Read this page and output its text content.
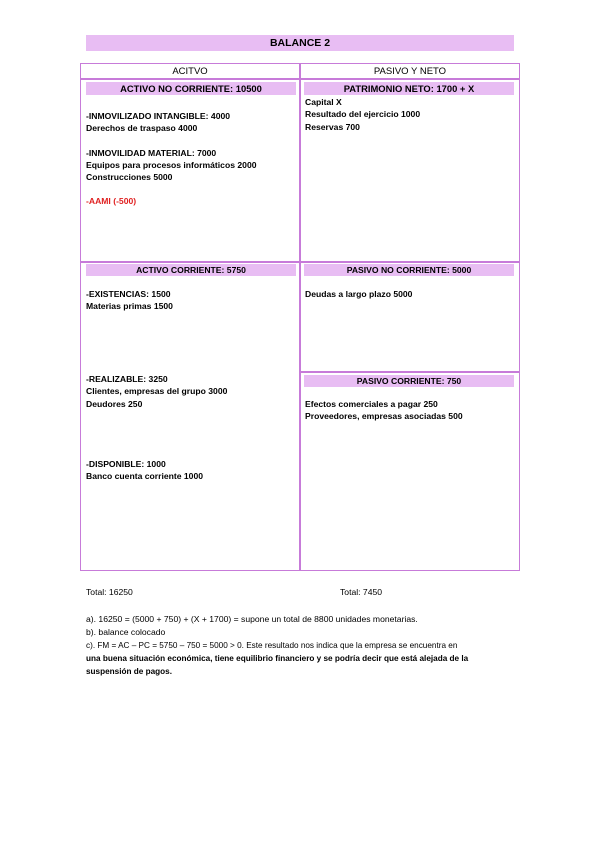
BALANCE 2
ACITVO	PASIVO Y NETO
ACTIVO NO CORRIENTE: 10500
-INMOVILIZADO INTANGIBLE: 4000
Derechos de traspaso 4000
-INMOVILIDAD MATERIAL: 7000
Equipos para procesos informáticos 2000
Construcciones 5000
-AAMI (-500)
PATRIMONIO NETO: 1700 + X
Capital X
Resultado del ejercicio 1000
Reservas 700
ACTIVO CORRIENTE: 5750
-EXISTENCIAS: 1500
Materias primas 1500
-REALIZABLE: 3250
Clientes, empresas del grupo 3000
Deudores 250
-DISPONIBLE: 1000
Banco cuenta corriente 1000
PASIVO NO CORRIENTE: 5000
Deudas a largo plazo 5000
PASIVO CORRIENTE: 750
Efectos comerciales a pagar 250
Proveedores, empresas asociadas 500
Total: 16250	Total: 7450
a). 16250 = (5000 + 750) + (X + 1700) = supone un total de 8800 unidades monetarias.
b). balance colocado
c). FM = AC – PC = 5750 – 750 = 5000 > 0. Este resultado nos indica que la empresa se encuentra en
una buena situación económica, tiene equilibrio financiero y se podría decir que está alejada de la
suspensión de pagos.
